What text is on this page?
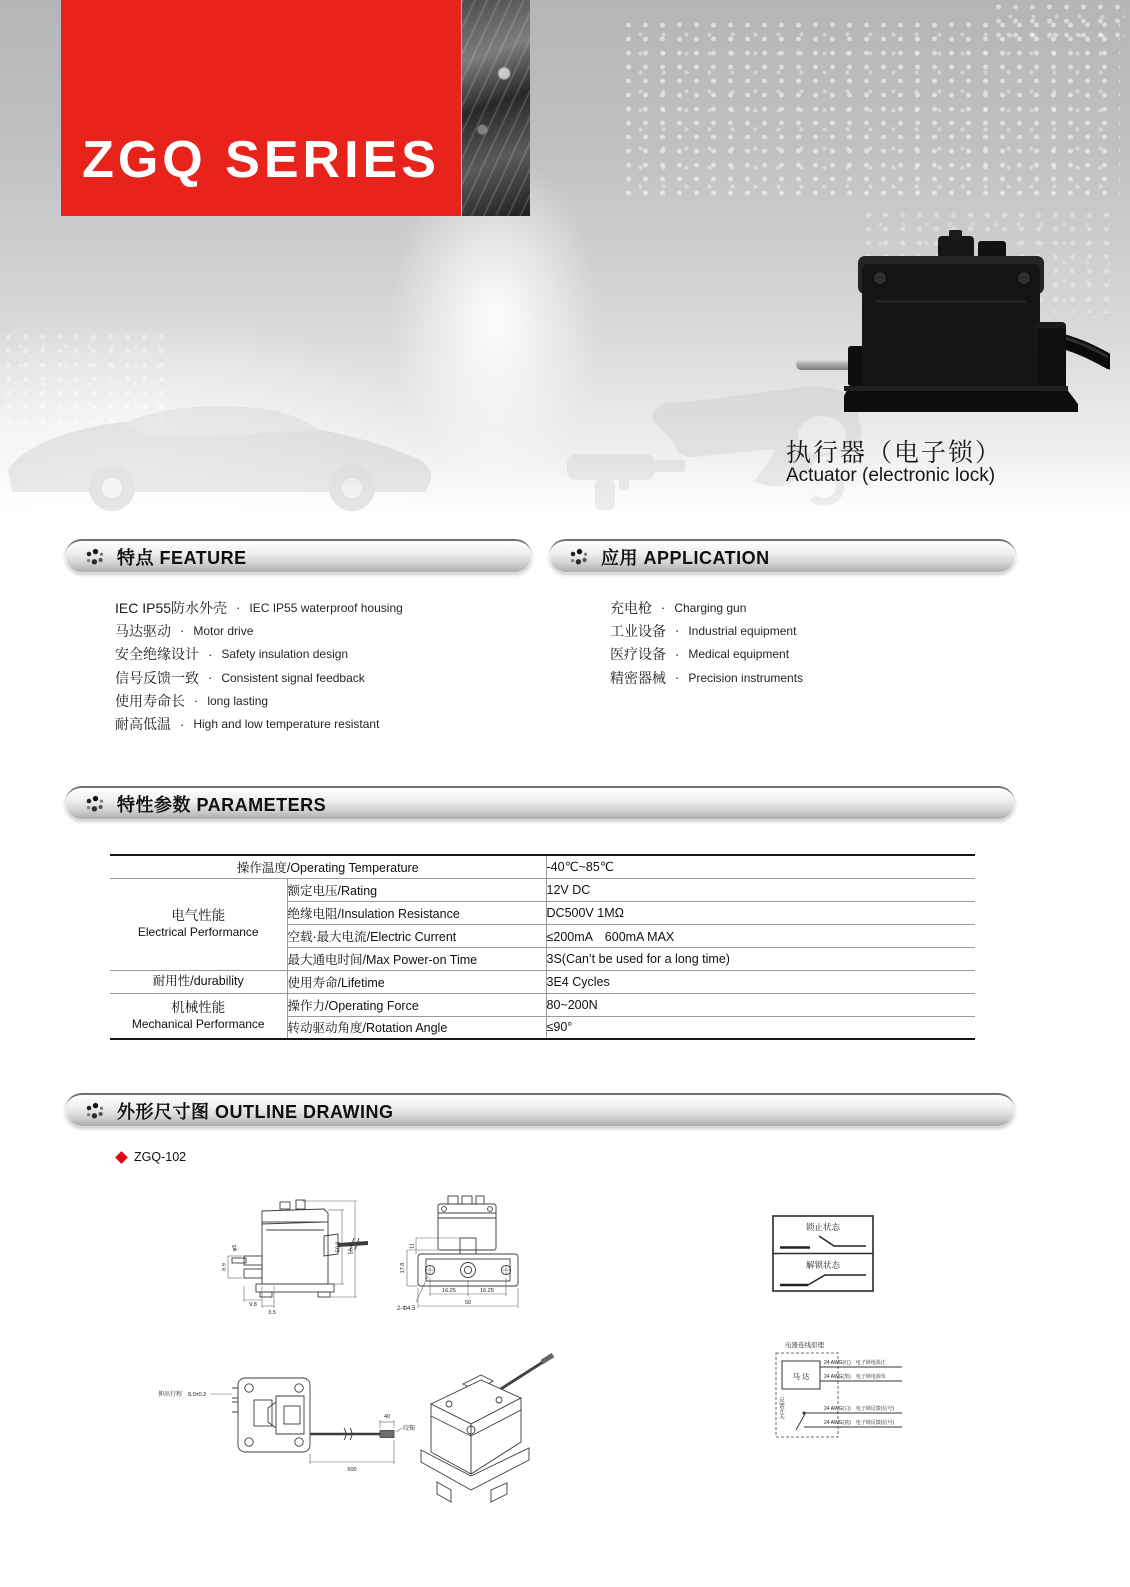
ZGQ SERIES
执行器（电子锁）
Actuator (electronic lock)
特点 FEATURE
IEC IP55防水外壳 · IEC IP55 waterproof housing
马达驱动 · Motor drive
安全绝缘设计 · Safety insulation design
信号反馈一致 · Consistent signal feedback
使用寿命长 · long lasting
耐高低温 · High and low temperature resistant
应用 APPLICATION
充电枪 · Charging gun
工业设备 · Industrial equipment
医疗设备 · Medical equipment
精密器械 · Precision instruments
特性参数 PARAMETERS
操作温度/Operating Temperature		-40℃~85℃

电气性能
Electrical Performance	额定电压/Rating	12V DC
	绝缘电阻/Insulation Resistance	DC500V 1MΩ
	空载·最大电流/Electric Current	≤200mA　600mA MAX
	最大通电时间/Max Power-on Time	3S(Can’t be used for a long time)
耐用性/durability	使用寿命/Lifetime	3E4 Cycles

机械性能
Mechanical Performance	操作力/Operating Force	80~200N
	转动驱动角度/Rotation Angle	≤90°
外形尺寸图 OUTLINE DRAWING
ZGQ-102
50.8 56.7
φ5
8.9
9.8
3.5
17.8
11
2-Φ4.5
16.25	16.25
50
锁止状态
解锁状态
伸出行程 8.0±0.2
40
绞锡
500
电器连线原理
马 达
反馈开关
24 AWG(红)　电子锁电源正
24 AWG(黑)　电子锁电源负
24 AWG(白)　电子锁反馈(信号)
24 AWG(蓝)　电子锁反馈(信号)
